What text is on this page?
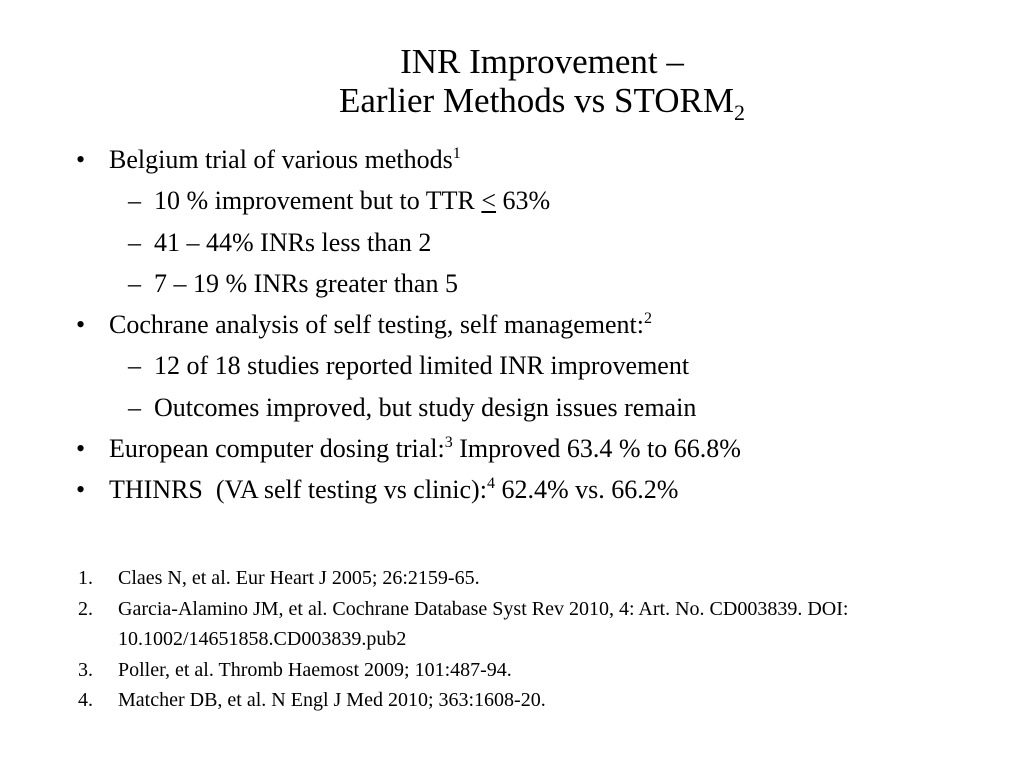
INR Improvement –
Earlier Methods vs $STORM_2$
• Belgium trial of various methods$^1$
– 10 % improvement but to TTR < 63%
– 41 – 44% INRs less than 2
– 7 – 19 % INRs greater than 5
• Cochrane analysis of self testing, self management:$^2$
– 12 of 18 studies reported limited INR improvement
– Outcomes improved, but study design issues remain
• European computer dosing trial:$^3$ Improved 63.4 % to 66.8%
• THINRS  (VA self testing vs clinic):$^4$ 62.4% vs. 66.2%
1. Claes N, et al. Eur Heart J 2005; 26:2159-65.
2. Garcia-Alamino JM, et al. Cochrane Database Syst Rev 2010, 4: Art. No. CD003839. DOI: 10.1002/14651858.CD003839.pub2
3. Poller, et al. Thromb Haemost 2009; 101:487-94.
4. Matcher DB, et al. N Engl J Med 2010; 363:1608-20.
